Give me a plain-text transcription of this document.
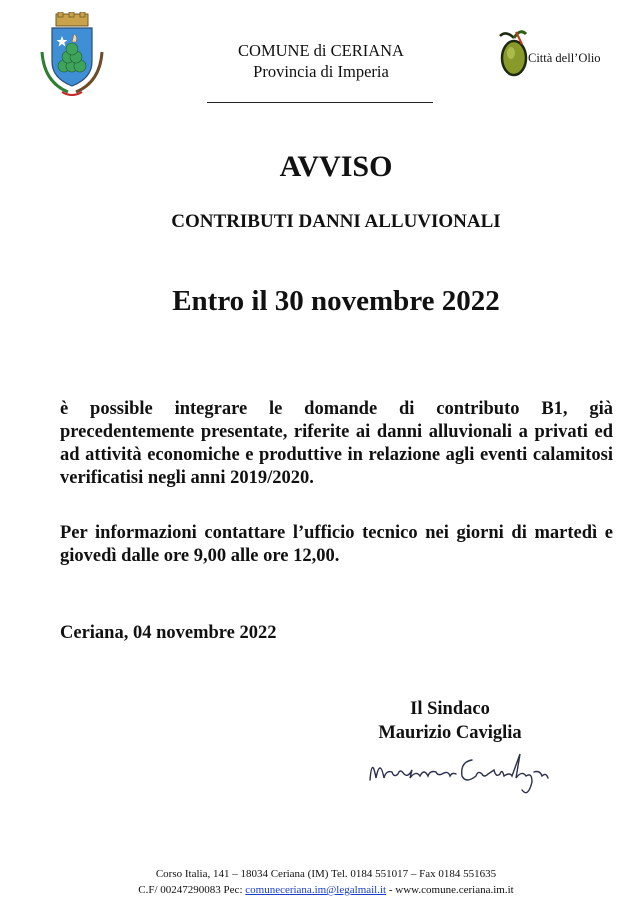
COMUNE di CERIANA
Provincia di Imperia
Città dell’Olio
AVVISO
CONTRIBUTI DANNI ALLUVIONALI
Entro il 30 novembre 2022
è possible integrare le domande di contributo B1, già precedentemente presentate, riferite ai danni alluvionali a privati ed ad attività economiche e produttive in relazione agli eventi calamitosi verificatisi negli anni 2019/2020.
Per informazioni contattare l’ufficio tecnico nei giorni di martedì e giovedì dalle ore 9,00 alle ore 12,00.
Ceriana, 04 novembre 2022
Il Sindaco
Maurizio Caviglia
Corso Italia, 141 – 18034 Ceriana (IM) Tel. 0184 551017 – Fax 0184 551635
C.F/ 00247290083 Pec: comuneceriana.im@legalmail.it - www.comune.ceriana.im.it
